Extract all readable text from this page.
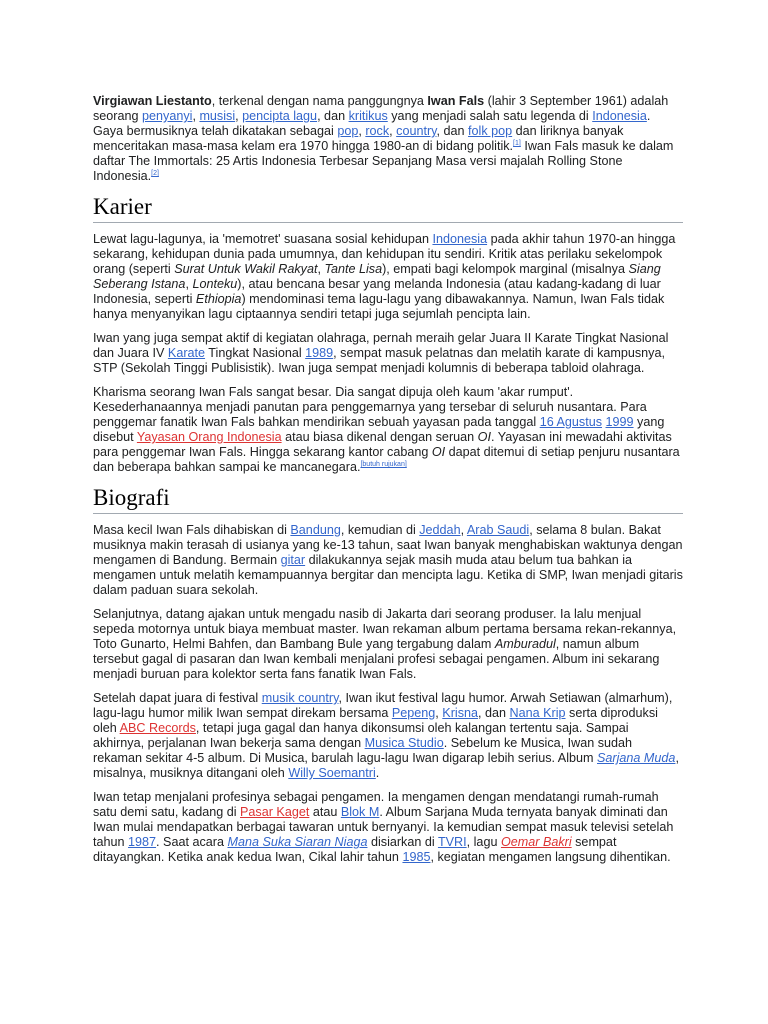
Virgiawan Liestanto, terkenal dengan nama panggungnya Iwan Fals (lahir 3 September 1961) adalah seorang penyanyi, musisi, pencipta lagu, dan kritikus yang menjadi salah satu legenda di Indonesia. Gaya bermusiknya telah dikatakan sebagai pop, rock, country, dan folk pop dan liriknya banyak menceritakan masa-masa kelam era 1970 hingga 1980-an di bidang politik.[1] Iwan Fals masuk ke dalam daftar The Immortals: 25 Artis Indonesia Terbesar Sepanjang Masa versi majalah Rolling Stone Indonesia.[2]

Karier

Lewat lagu-lagunya, ia 'memotret' suasana sosial kehidupan Indonesia pada akhir tahun 1970-an hingga sekarang, kehidupan dunia pada umumnya, dan kehidupan itu sendiri. Kritik atas perilaku sekelompok orang (seperti Surat Untuk Wakil Rakyat, Tante Lisa), empati bagi kelompok marginal (misalnya Siang Seberang Istana, Lonteku), atau bencana besar yang melanda Indonesia (atau kadang-kadang di luar Indonesia, seperti Ethiopia) mendominasi tema lagu-lagu yang dibawakannya. Namun, Iwan Fals tidak hanya menyanyikan lagu ciptaannya sendiri tetapi juga sejumlah pencipta lain.

Iwan yang juga sempat aktif di kegiatan olahraga, pernah meraih gelar Juara II Karate Tingkat Nasional dan Juara IV Karate Tingkat Nasional 1989, sempat masuk pelatnas dan melatih karate di kampusnya, STP (Sekolah Tinggi Publisistik). Iwan juga sempat menjadi kolumnis di beberapa tabloid olahraga.

Kharisma seorang Iwan Fals sangat besar. Dia sangat dipuja oleh kaum 'akar rumput'. Kesederhanaannya menjadi panutan para penggemarnya yang tersebar di seluruh nusantara. Para penggemar fanatik Iwan Fals bahkan mendirikan sebuah yayasan pada tanggal 16 Agustus 1999 yang disebut Yayasan Orang Indonesia atau biasa dikenal dengan seruan OI. Yayasan ini mewadahi aktivitas para penggemar Iwan Fals. Hingga sekarang kantor cabang OI dapat ditemui di setiap penjuru nusantara dan beberapa bahkan sampai ke mancanegara.[butuh rujukan]

Biografi

Masa kecil Iwan Fals dihabiskan di Bandung, kemudian di Jeddah, Arab Saudi, selama 8 bulan. Bakat musiknya makin terasah di usianya yang ke-13 tahun, saat Iwan banyak menghabiskan waktunya dengan mengamen di Bandung. Bermain gitar dilakukannya sejak masih muda atau belum tua bahkan ia mengamen untuk melatih kemampuannya bergitar dan mencipta lagu. Ketika di SMP, Iwan menjadi gitaris dalam paduan suara sekolah.

Selanjutnya, datang ajakan untuk mengadu nasib di Jakarta dari seorang produser. Ia lalu menjual sepeda motornya untuk biaya membuat master. Iwan rekaman album pertama bersama rekan-rekannya, Toto Gunarto, Helmi Bahfen, dan Bambang Bule yang tergabung dalam Amburadul, namun album tersebut gagal di pasaran dan Iwan kembali menjalani profesi sebagai pengamen. Album ini sekarang menjadi buruan para kolektor serta fans fanatik Iwan Fals.

Setelah dapat juara di festival musik country, Iwan ikut festival lagu humor. Arwah Setiawan (almarhum), lagu-lagu humor milik Iwan sempat direkam bersama Pepeng, Krisna, dan Nana Krip serta diproduksi oleh ABC Records, tetapi juga gagal dan hanya dikonsumsi oleh kalangan tertentu saja. Sampai akhirnya, perjalanan Iwan bekerja sama dengan Musica Studio. Sebelum ke Musica, Iwan sudah rekaman sekitar 4-5 album. Di Musica, barulah lagu-lagu Iwan digarap lebih serius. Album Sarjana Muda, misalnya, musiknya ditangani oleh Willy Soemantri.

Iwan tetap menjalani profesinya sebagai pengamen. Ia mengamen dengan mendatangi rumah-rumah satu demi satu, kadang di Pasar Kaget atau Blok M. Album Sarjana Muda ternyata banyak diminati dan Iwan mulai mendapatkan berbagai tawaran untuk bernyanyi. Ia kemudian sempat masuk televisi setelah tahun 1987. Saat acara Mana Suka Siaran Niaga disiarkan di TVRI, lagu Oemar Bakri sempat ditayangkan. Ketika anak kedua Iwan, Cikal lahir tahun 1985, kegiatan mengamen langsung dihentikan.
